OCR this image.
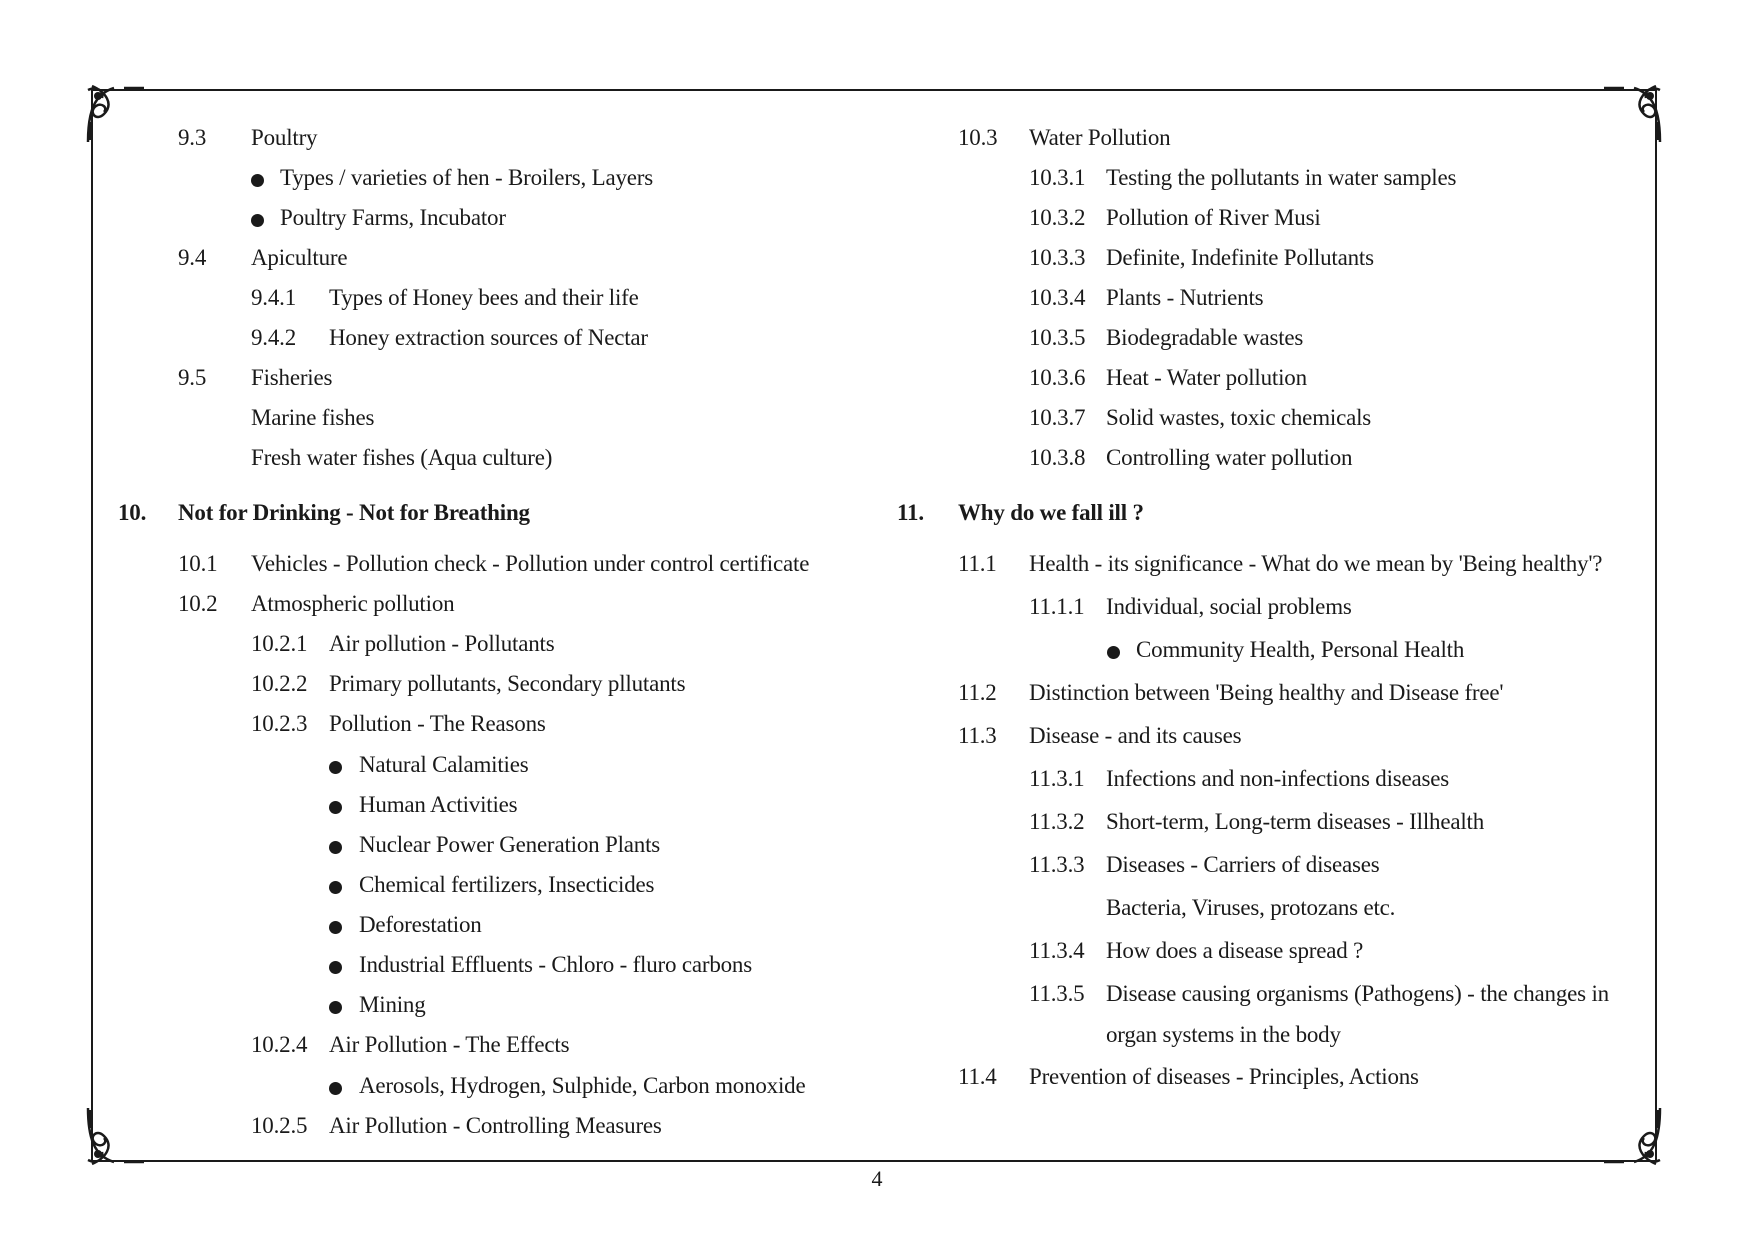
9.3 Poultry
Types / varieties of hen - Broilers, Layers
Poultry Farms, Incubator
9.4 Apiculture
9.4.1 Types of Honey bees and their life
9.4.2 Honey extraction sources of Nectar
9.5 Fisheries
Marine fishes
Fresh water fishes (Aqua culture)
10. Not for Drinking - Not for Breathing
10.1 Vehicles - Pollution check - Pollution under control certificate
10.2 Atmospheric pollution
10.2.1 Air pollution - Pollutants
10.2.2 Primary pollutants, Secondary pllutants
10.2.3 Pollution - The Reasons
Natural Calamities
Human Activities
Nuclear Power Generation Plants
Chemical fertilizers, Insecticides
Deforestation
Industrial Effluents - Chloro - fluro carbons
Mining
10.2.4 Air Pollution - The Effects
Aerosols, Hydrogen, Sulphide, Carbon monoxide
10.2.5 Air Pollution - Controlling Measures
10.3 Water Pollution
10.3.1 Testing the pollutants in water samples
10.3.2 Pollution of River Musi
10.3.3 Definite, Indefinite Pollutants
10.3.4 Plants - Nutrients
10.3.5 Biodegradable wastes
10.3.6 Heat - Water pollution
10.3.7 Solid wastes, toxic chemicals
10.3.8 Controlling water pollution
11. Why do we fall ill ?
11.1 Health - its significance - What do we mean by 'Being healthy'?
11.1.1 Individual, social problems
Community Health, Personal Health
11.2 Distinction between 'Being healthy and Disease free'
11.3 Disease - and its causes
11.3.1 Infections and non-infections diseases
11.3.2 Short-term, Long-term diseases - Illhealth
11.3.3 Diseases - Carriers of diseases
Bacteria, Viruses, protozans etc.
11.3.4 How does a disease spread ?
11.3.5 Disease causing organisms (Pathogens) - the changes in
organ systems in the body
11.4 Prevention of diseases - Principles, Actions
4
